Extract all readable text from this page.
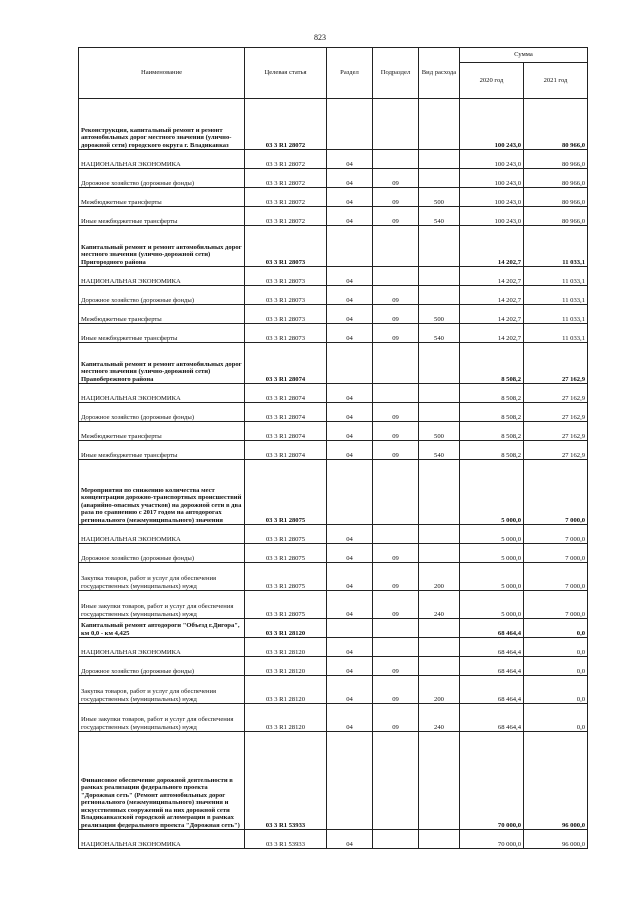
823
Наименование	Целевая статья	Раздел	Подраздел	Вид расхода	Сумма	
					2020 год	2021 год
Реконструкция, капитальный ремонт и ремонт автомобильных дорог местного значения (улично-дорожной сети) городского округа г. Владикавказ	03 3 R1 28072				100 243,0	80 966,0
НАЦИОНАЛЬНАЯ ЭКОНОМИКА	03 3 R1 28072	04			100 243,0	80 966,0
Дорожное хозяйство (дорожные фонды)	03 3 R1 28072	04	09		100 243,0	80 966,0
Межбюджетные трансферты	03 3 R1 28072	04	09	500	100 243,0	80 966,0
Иные межбюджетные трансферты	03 3 R1 28072	04	09	540	100 243,0	80 966,0
Капитальный ремонт и ремонт автомобильных дорог местного значения (улично-дорожной сети) Пригородного района	03 3 R1 28073				14 202,7	11 033,1
НАЦИОНАЛЬНАЯ ЭКОНОМИКА	03 3 R1 28073	04			14 202,7	11 033,1
Дорожное хозяйство (дорожные фонды)	03 3 R1 28073	04	09		14 202,7	11 033,1
Межбюджетные трансферты	03 3 R1 28073	04	09	500	14 202,7	11 033,1
Иные межбюджетные трансферты	03 3 R1 28073	04	09	540	14 202,7	11 033,1
Капитальный ремонт и ремонт автомобильных дорог местного значения (улично-дорожной сети) Правобережного района	03 3 R1 28074				8 508,2	27 162,9
НАЦИОНАЛЬНАЯ ЭКОНОМИКА	03 3 R1 28074	04			8 508,2	27 162,9
Дорожное хозяйство (дорожные фонды)	03 3 R1 28074	04	09		8 508,2	27 162,9
Межбюджетные трансферты	03 3 R1 28074	04	09	500	8 508,2	27 162,9
Иные межбюджетные трансферты	03 3 R1 28074	04	09	540	8 508,2	27 162,9
Мероприятия по снижению количества мест концентрации дорожно-транспортных происшествий (аварийно-опасных участков) на дорожной сети в два раза по сравнению с 2017 годом на автодорогах регионального (межмуниципального) значения	03 3 R1 28075				5 000,0	7 000,0
НАЦИОНАЛЬНАЯ ЭКОНОМИКА	03 3 R1 28075	04			5 000,0	7 000,0
Дорожное хозяйство (дорожные фонды)	03 3 R1 28075	04	09		5 000,0	7 000,0
Закупка товаров, работ и услуг для обеспечения государственных (муниципальных) нужд	03 3 R1 28075	04	09	200	5 000,0	7 000,0
Иные закупки товаров, работ и услуг для обеспечения государственных (муниципальных) нужд	03 3 R1 28075	04	09	240	5 000,0	7 000,0
Капитальный ремонт автодороги "Объезд г.Дигора", км 0,0 - км 4,425	03 3 R1 28120				68 464,4	0,0
НАЦИОНАЛЬНАЯ ЭКОНОМИКА	03 3 R1 28120	04			68 464,4	0,0
Дорожное хозяйство (дорожные фонды)	03 3 R1 28120	04	09		68 464,4	0,0
Закупка товаров, работ и услуг для обеспечения государственных (муниципальных) нужд	03 3 R1 28120	04	09	200	68 464,4	0,0
Иные закупки товаров, работ и услуг для обеспечения государственных (муниципальных) нужд	03 3 R1 28120	04	09	240	68 464,4	0,0
Финансовое обеспечение дорожной деятельности в рамках реализации федерального проекта "Дорожная сеть" (Ремонт автомобильных дорог регионального (межмуниципального) значения и искусственных сооружений на них дорожной сети Владикавказской городской агломерации в рамках реализации федерального проекта "Дорожная сеть")	03 3 R1 53933				70 000,0	96 000,0
НАЦИОНАЛЬНАЯ ЭКОНОМИКА	03 3 R1 53933	04			70 000,0	96 000,0
